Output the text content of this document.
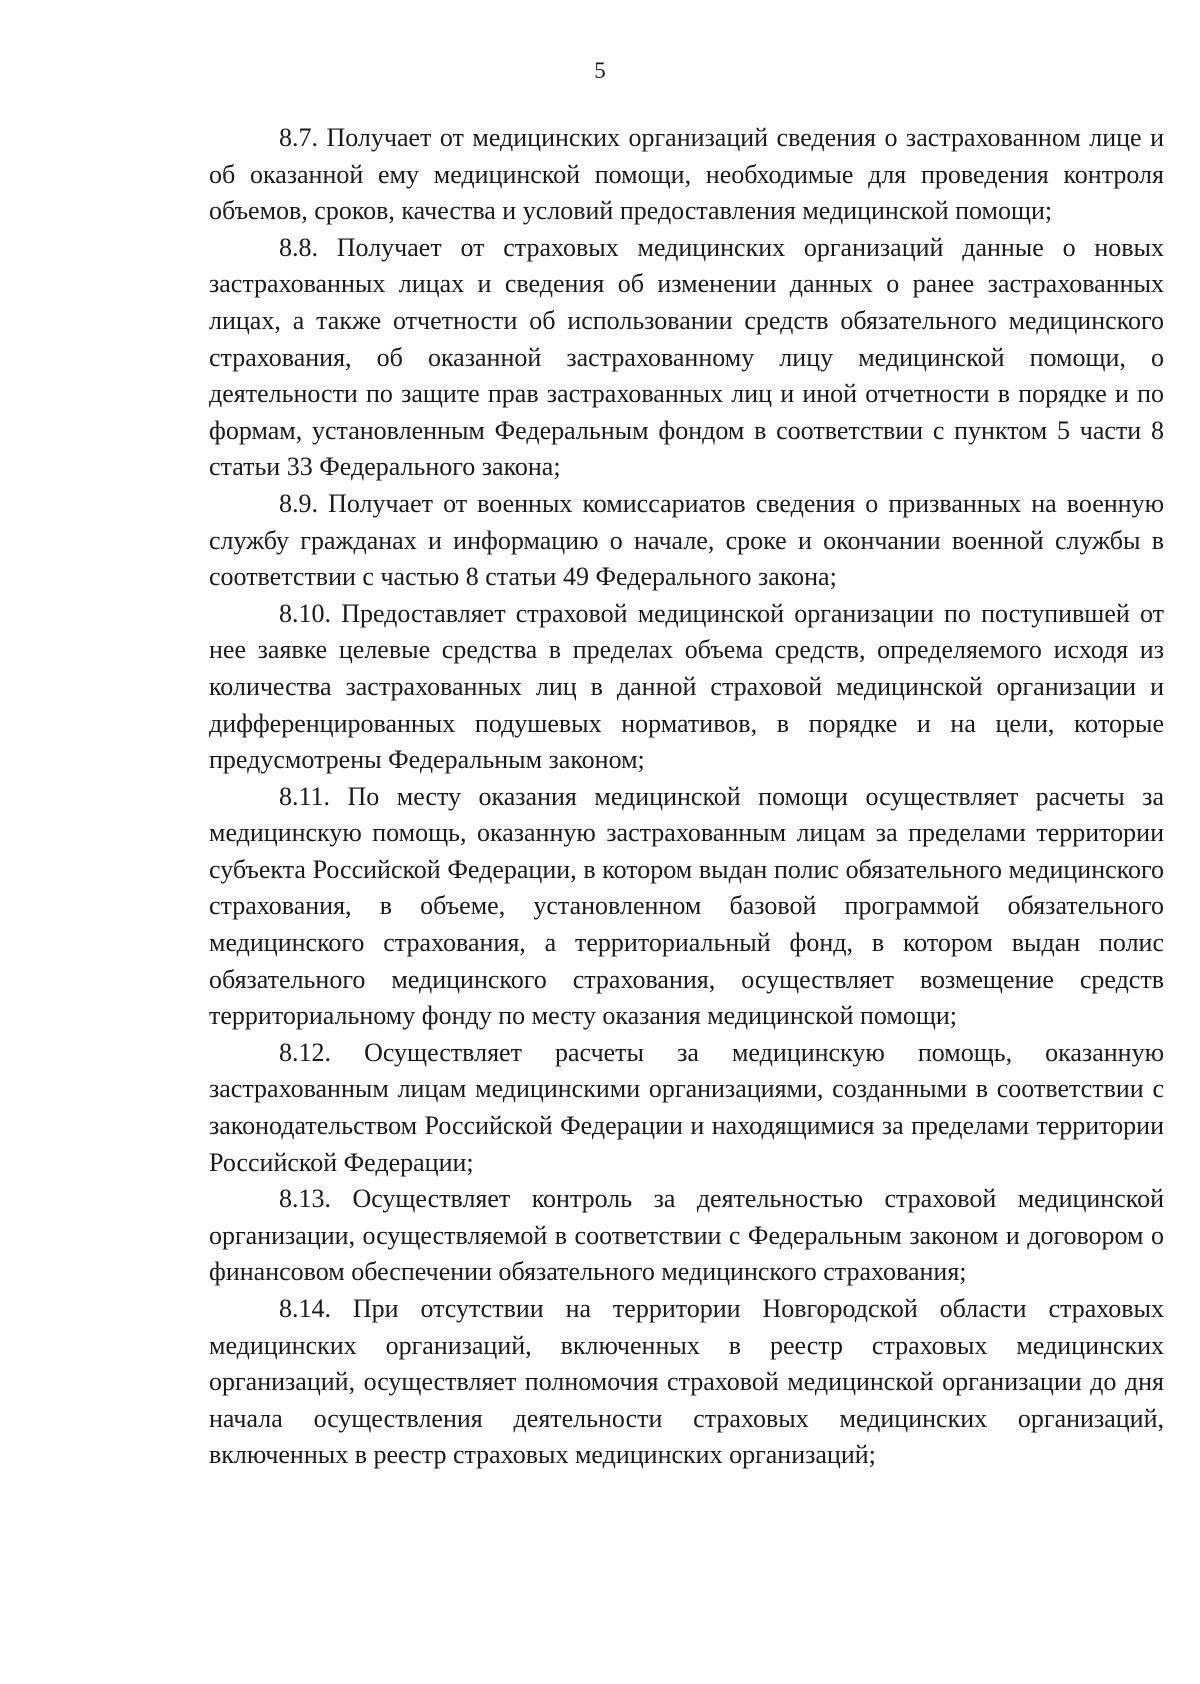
5

8.7. Получает от медицинских организаций сведения о застрахованном лице и об оказанной ему медицинской помощи, необходимые для проведения контроля объемов, сроков, качества и условий предоставления медицинской помощи;

8.8. Получает от страховых медицинских организаций данные о новых застрахованных лицах и сведения об изменении данных о ранее застрахованных лицах, а также отчетности об использовании средств обязательного медицинского страхования, об оказанной застрахованному лицу медицинской помощи, о деятельности по защите прав застрахованных лиц и иной отчетности в порядке и по формам, установленным Федеральным фондом в соответствии с пунктом 5 части 8 статьи 33 Федерального закона;

8.9. Получает от военных комиссариатов сведения о призванных на военную службу гражданах и информацию о начале, сроке и окончании военной службы в соответствии с частью 8 статьи 49 Федерального закона;

8.10. Предоставляет страховой медицинской организации по поступившей от нее заявке целевые средства в пределах объема средств, определяемого исходя из количества застрахованных лиц в данной страховой медицинской организации и дифференцированных подушевых нормативов, в порядке и на цели, которые предусмотрены Федеральным законом;

8.11. По месту оказания медицинской помощи осуществляет расчеты за медицинскую помощь, оказанную застрахованным лицам за пределами территории субъекта Российской Федерации, в котором выдан полис обязательного медицинского страхования, в объеме, установленном базовой программой обязательного медицинского страхования, а территориальный фонд, в котором выдан полис обязательного медицинского страхования, осуществляет возмещение средств территориальному фонду по месту оказания медицинской помощи;

8.12. Осуществляет расчеты за медицинскую помощь, оказанную застрахованным лицам медицинскими организациями, созданными в соответствии с законодательством Российской Федерации и находящимися за пределами территории Российской Федерации;

8.13. Осуществляет контроль за деятельностью страховой медицинской организации, осуществляемой в соответствии с Федеральным законом и договором о финансовом обеспечении обязательного медицинского страхования;

8.14. При отсутствии на территории Новгородской области страховых медицинских организаций, включенных в реестр страховых медицинских организаций, осуществляет полномочия страховой медицинской организации до дня начала осуществления деятельности страховых медицинских организаций, включенных в реестр страховых медицинских организаций;
